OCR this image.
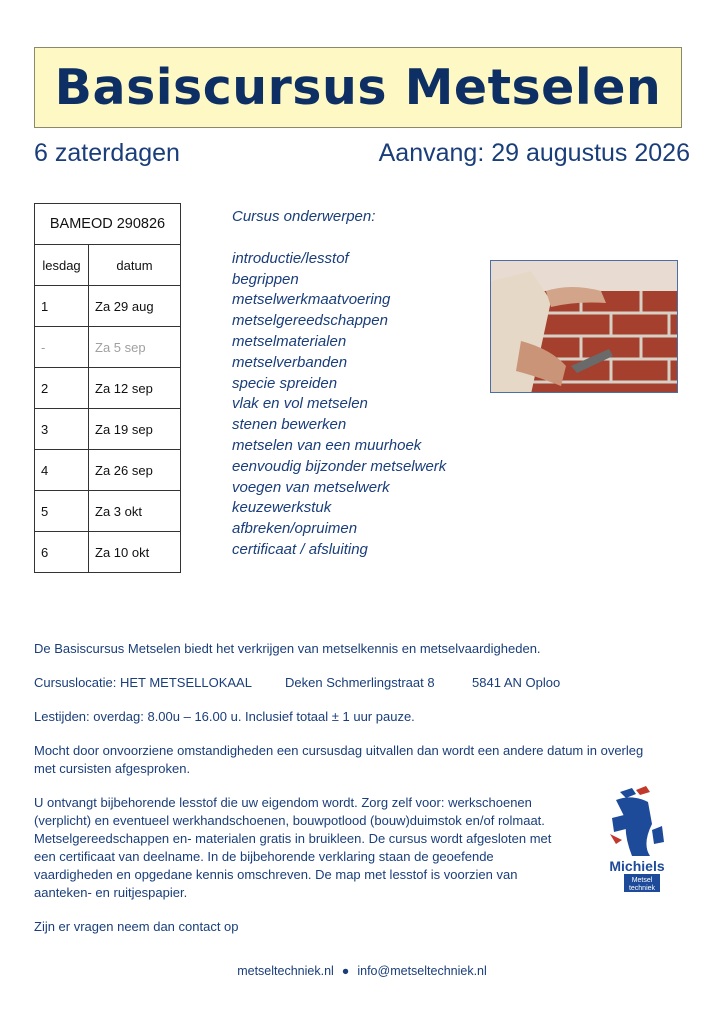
Basiscursus Metselen
6 zaterdagen	Aanvang: 29 augustus 2026
BAMEOD 290826	
lesdag	datum
1	Za 29 aug
-	Za 5 sep
2	Za 12 sep
3	Za 19 sep
4	Za 26 sep
5	Za 3 okt
6	Za 10 okt
Cursus onderwerpen:
introductie/lesstof
begrippen
metselwerkmaatvoering
metselgereedschappen
metselmaterialen
metselverbanden
specie spreiden
vlak en vol metselen
stenen bewerken
metselen van een muurhoek
eenvoudig bijzonder metselwerk
voegen van metselwerk
keuzewerkstuk
afbreken/opruimen
certificaat / afsluiting

De Basiscursus Metselen biedt het verkrijgen van metselkennis en metselvaardigheden.

Cursuslocatie: HET METSELLOKAAL	Deken Schmerlingstraat 8	5841 AN Oploo

Lestijden: overdag: 8.00u – 16.00 u. Inclusief totaal ± 1 uur pauze.

Mocht door onvoorziene omstandigheden een cursusdag uitvallen dan wordt een andere datum in overleg met cursisten afgesproken.

U ontvangt bijbehorende lesstof die uw eigendom wordt. Zorg zelf voor: werkschoenen (verplicht) en eventueel werkhandschoenen, bouwpotlood (bouw)duimstok en/of rolmaat. Metselgereedschappen en- materialen gratis in bruikleen. De cursus wordt afgesloten met een certificaat van deelname. In de bijbehorende verklaring staan de geoefende vaardigheden en opgedane kennis omschreven. De map met lesstof is voorzien van aanteken- en ruitjespapier.

Zijn er vragen neem dan contact op

Michiels
Metsel
techniek
metseltechniek.nl ● info@metseltechniek.nl
